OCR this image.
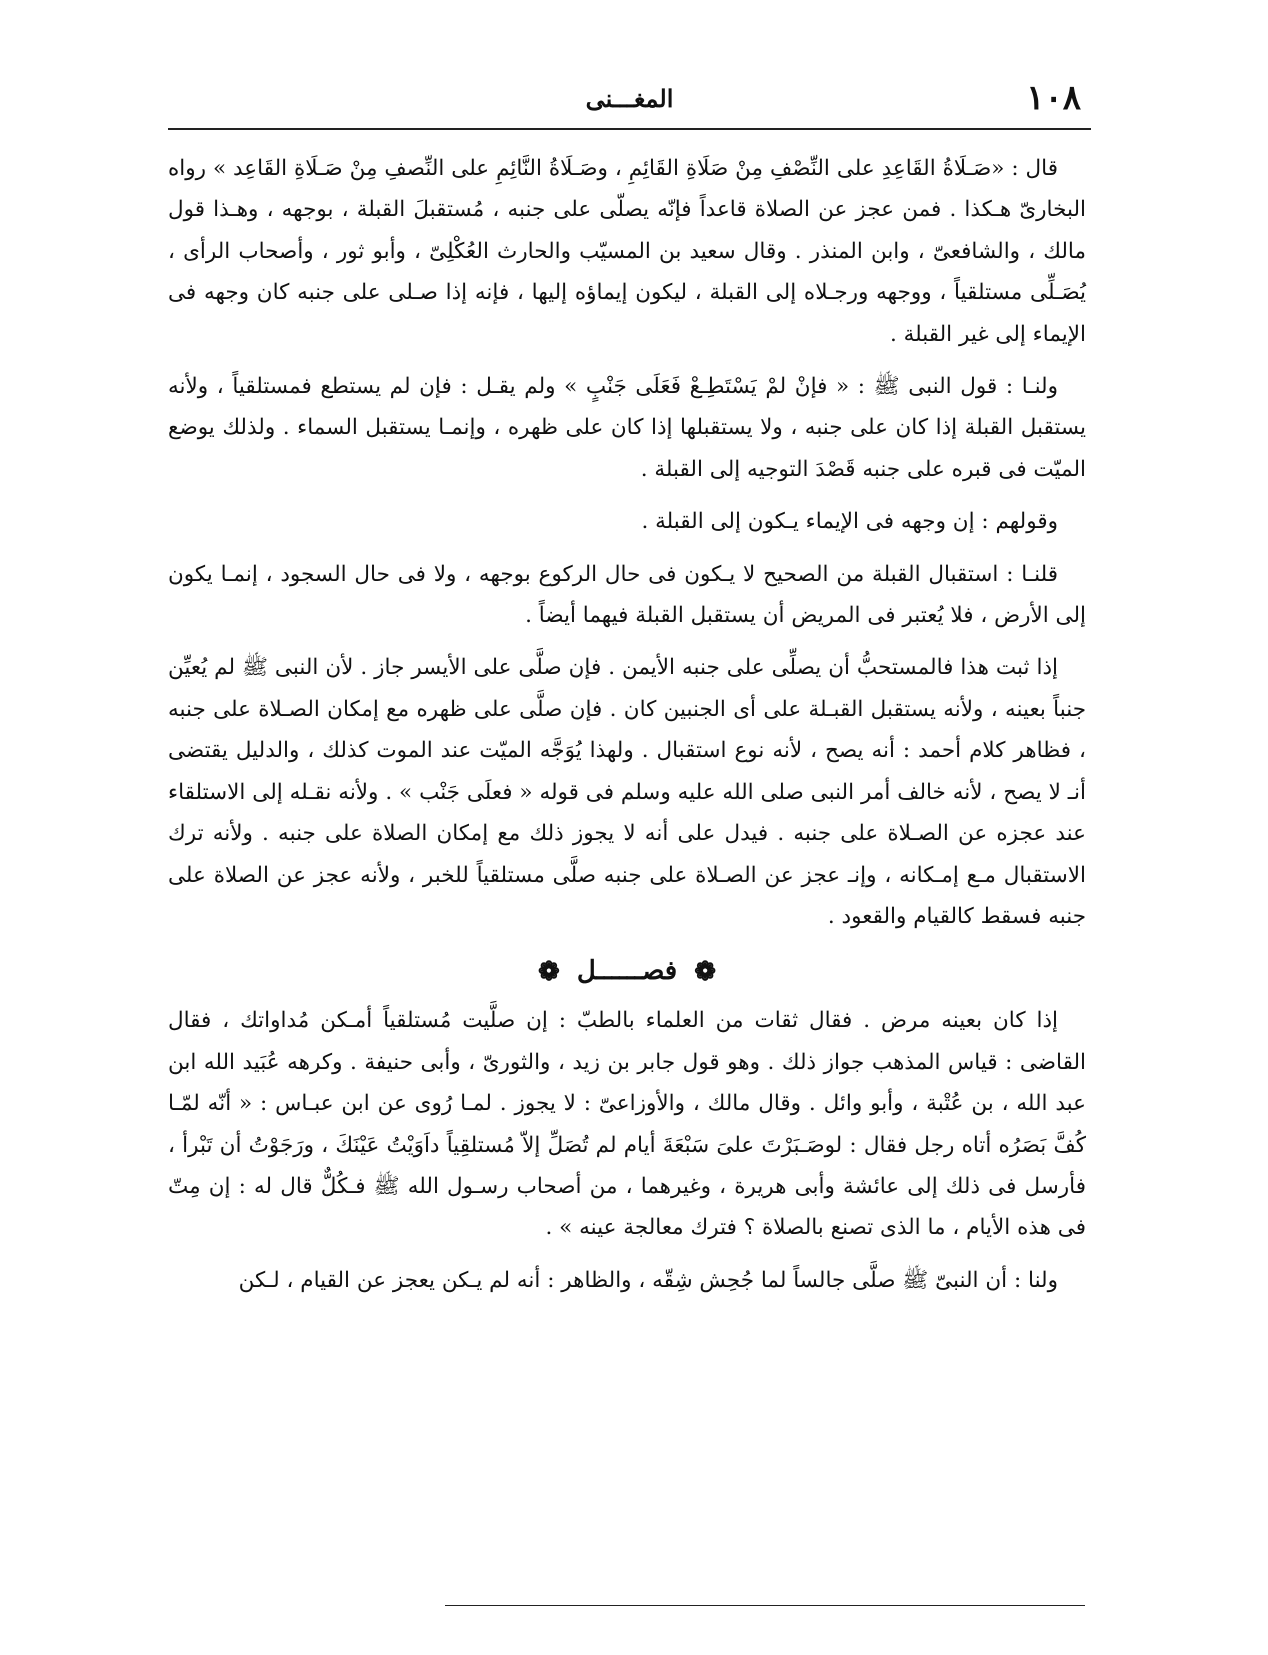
١٠٨
المغـــنى

قال : «صَـلَاةُ القَاعِدِ على النِّصْفِ مِنْ صَلَاةِ القَائِمِ ، وصَـلَاةُ النَّائِمِ على النِّصفِ مِنْ صَـلَاةِ القَاعِد » رواه البخارىّ هـكذا . فمن عجز عن الصلاة قاعداً فإنّه يصلّى على جنبه ، مُستقبلَ القبلة ، بوجهه ، وهـذا قول مالك ، والشافعىّ ، وابن المنذر . وقال سعيد بن المسيّب والحارث العُكْلِىّ ، وأبو ثور ، وأصحاب الرأى ، يُصَـلِّى مستلقياً ، ووجهه ورجـلاه إلى القبلة ، ليكون إيماؤه إليها ، فإنه إذا صـلى على جنبه كان وجهه فى الإيماء إلى غير القبلة .

ولنـا : قول النبى ﷺ : « فإنْ لمْ يَسْتَطِـعْ فَعَلَى جَنْبٍ » ولم يقـل : فإن لم يستطع فمستلقياً ، ولأنه يستقبل القبلة إذا كان على جنبه ، ولا يستقبلها إذا كان على ظهره ، وإنمـا يستقبل السماء . ولذلك يوضع الميّت فى قبره على جنبه قَصْدَ التوجيه إلى القبلة .

وقولهم : إن وجهه فى الإيماء يـكون إلى القبلة .

قلنـا : استقبال القبلة من الصحيح لا يـكون فى حال الركوع بوجهه ، ولا فى حال السجود ، إنمـا يكون إلى الأرض ، فلا يُعتبر فى المريض أن يستقبل القبلة فيهما أيضاً .

إذا ثبت هذا فالمستحبُّ أن يصلِّى على جنبه الأيمن . فإن صلَّى على الأيسر جاز . لأن النبى ﷺ لم يُعيِّن جنباً بعينه ، ولأنه يستقبل القبـلة على أى الجنبين كان . فإن صلَّى على ظهره مع إمكان الصـلاة على جنبه ، فظاهر كلام أحمد : أنه يصح ، لأنه نوع استقبال . ولهذا يُوَجَّه الميّت عند الموت كذلك ، والدليل يقتضى أنـ لا يصح ، لأنه خالف أمر النبى صلى الله عليه وسلم فى قوله « فعلَى جَنْب » . ولأنه نقـله إلى الاستلقاء عند عجزه عن الصـلاة على جنبه . فيدل على أنه لا يجوز ذلك مع إمكان الصلاة على جنبه . ولأنه ترك الاستقبال مـع إمـكانه ، وإنـ عجز عن الصـلاة على جنبه صلَّى مستلقياً للخبر ، ولأنه عجز عن الصلاة على جنبه فسقط كالقيام والقعود .

❁ فصــــــل ❁

إذا كان بعينه مرض . فقال ثقات من العلماء بالطبّ : إن صلَّيت مُستلقياً أمـكن مُداواتك ، فقال القاضى : قياس المذهب جواز ذلك . وهو قول جابر بن زيد ، والثورىّ ، وأبى حنيفة . وكرهه عُبَيد الله ابن عبد الله ، بن عُتْبة ، وأبو وائل . وقال مالك ، والأوزاعىّ : لا يجوز . لمـا رُوى عن ابن عبـاس : « أنّه لمّـا كُفَّ بَصَرُه أتاه رجل فقال : لوصَـبَرْتَ علىَ سَبْعَةَ أيام لم تُصَلِّ إلاّ مُستلقِياً داَوَيْتُ عَيْنَكَ ، ورَجَوْتُ أن تَبْرأ ، فأرسل فى ذلك إلى عائشة وأبى هريرة ، وغيرهما ، من أصحاب رسـول الله ﷺ فـكُلٌّ قال له : إن مِتّ فى هذه الأيام ، ما الذى تصنع بالصلاة ؟ فترك معالجة عينه » .

ولنا : أن النبىّ ﷺ صلَّى جالساً لما جُحِش شِقّه ، والظاهر : أنه لم يـكن يعجز عن القيام ، لـكن
